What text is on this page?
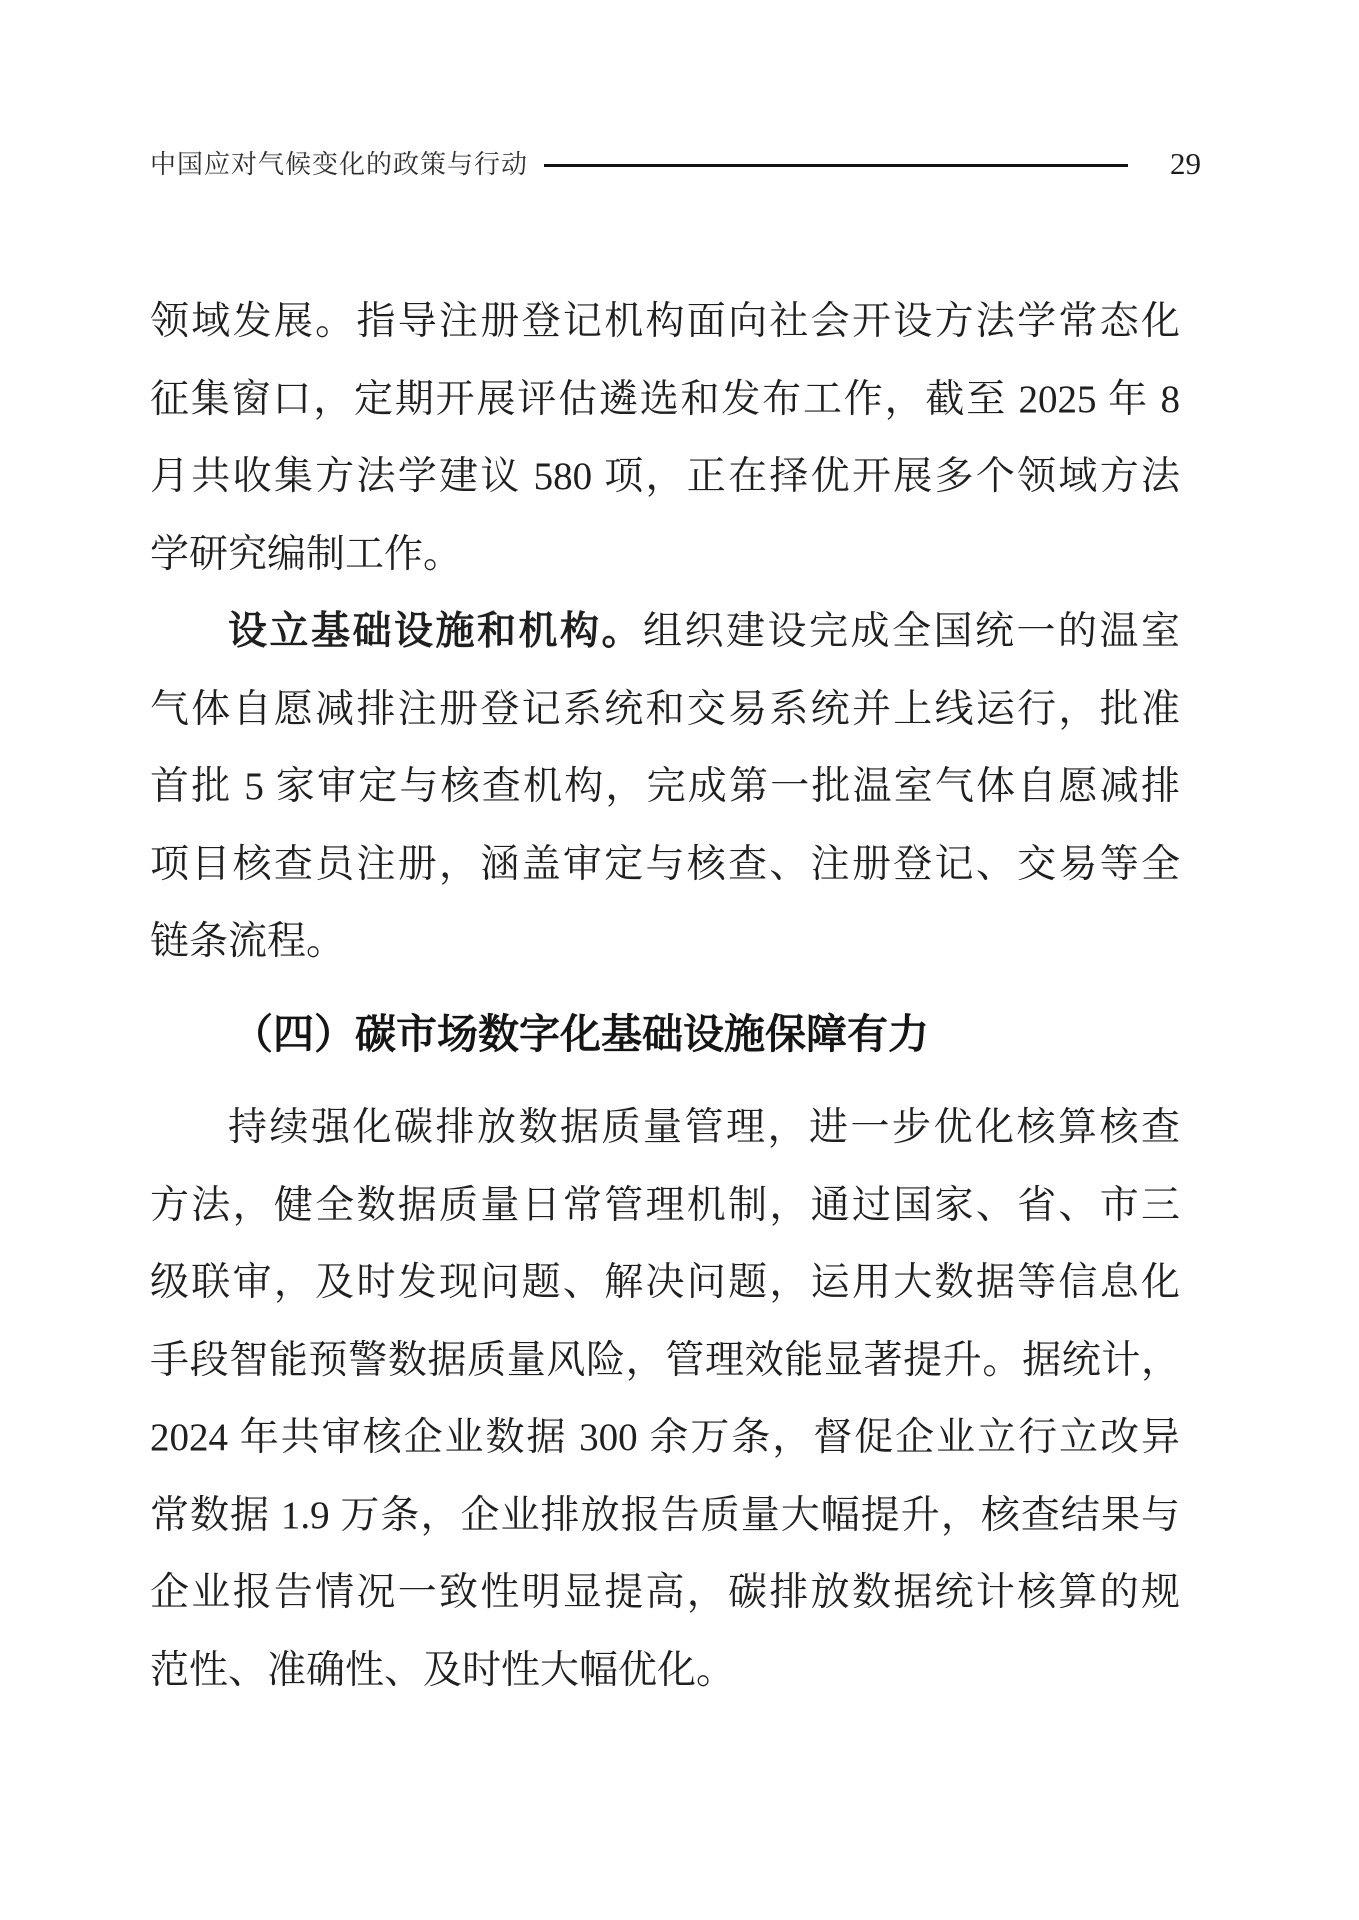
中国应对气候变化的政策与行动	29
领域发展。指导注册登记机构面向社会开设方法学常态化
征集窗口，定期开展评估遴选和发布工作，截至 2025 年 8
月共收集方法学建议 580 项，正在择优开展多个领域方法
学研究编制工作。
设立基础设施和机构。组织建设完成全国统一的温室
气体自愿减排注册登记系统和交易系统并上线运行，批准
首批 5 家审定与核查机构，完成第一批温室气体自愿减排
项目核查员注册，涵盖审定与核查、注册登记、交易等全
链条流程。
（四）碳市场数字化基础设施保障有力
持续强化碳排放数据质量管理，进一步优化核算核查
方法，健全数据质量日常管理机制，通过国家、省、市三
级联审，及时发现问题、解决问题，运用大数据等信息化
手段智能预警数据质量风险，管理效能显著提升。据统计，
2024 年共审核企业数据 300 余万条，督促企业立行立改异
常数据 1.9 万条，企业排放报告质量大幅提升，核查结果与
企业报告情况一致性明显提高，碳排放数据统计核算的规
范性、准确性、及时性大幅优化。
